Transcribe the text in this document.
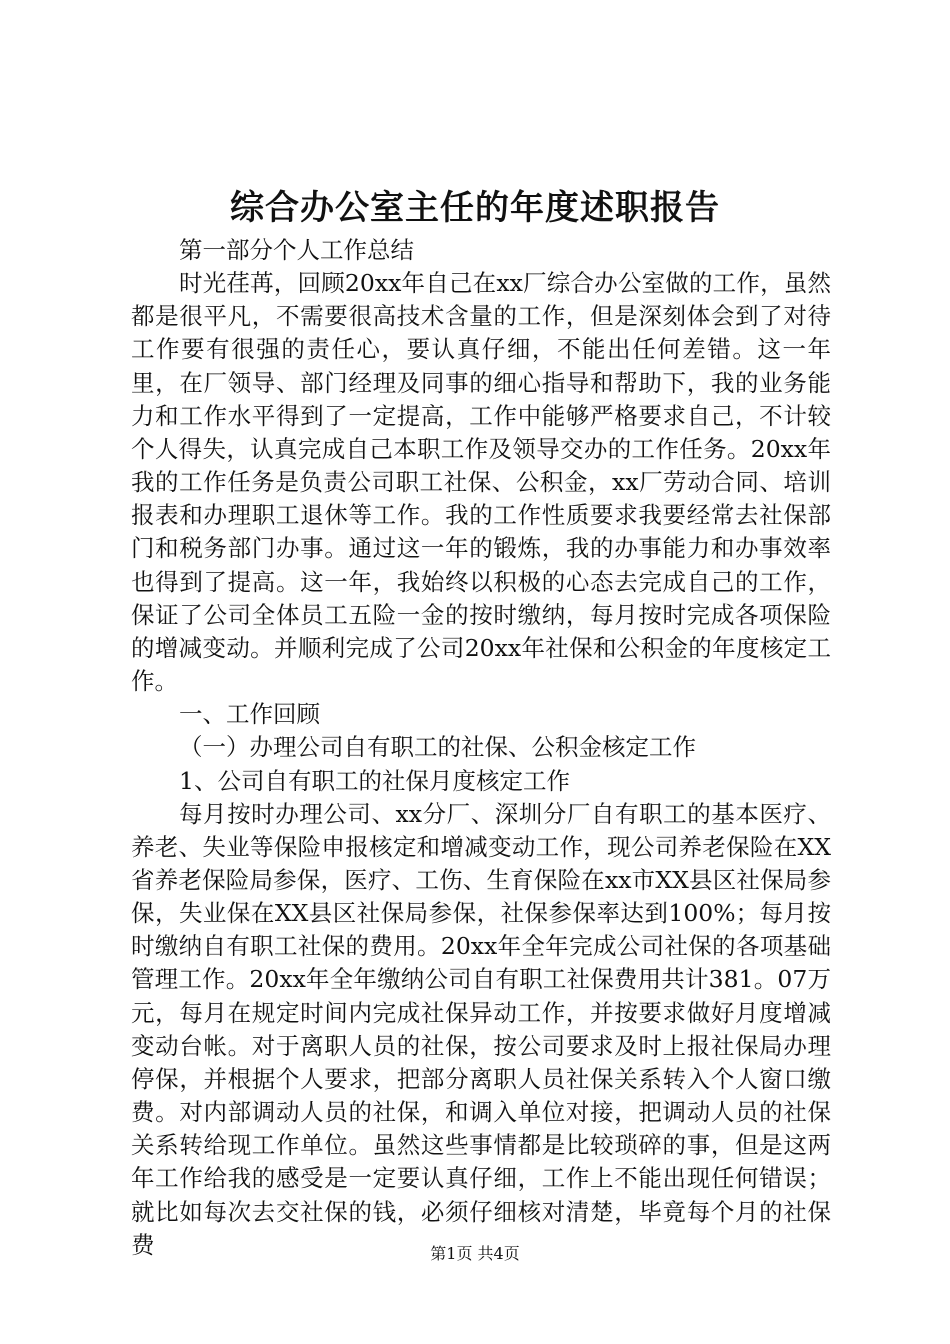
综合办公室主任的年度述职报告

第一部分个人工作总结

时光荏苒，回顾20xx年自己在xx厂综合办公室做的工作，虽然都是很平凡，不需要很高技术含量的工作，但是深刻体会到了对待工作要有很强的责任心，要认真仔细，不能出任何差错。这一年里，在厂领导、部门经理及同事的细心指导和帮助下，我的业务能力和工作水平得到了一定提高，工作中能够严格要求自己，不计较个人得失，认真完成自己本职工作及领导交办的工作任务。20xx年我的工作任务是负责公司职工社保、公积金，xx厂劳动合同、培训报表和办理职工退休等工作。我的工作性质要求我要经常去社保部门和税务部门办事。通过这一年的锻炼，我的办事能力和办事效率也得到了提高。这一年，我始终以积极的心态去完成自己的工作，保证了公司全体员工五险一金的按时缴纳，每月按时完成各项保险的增减变动。并顺利完成了公司20xx年社保和公积金的年度核定工作。

一、工作回顾

（一）办理公司自有职工的社保、公积金核定工作

1、公司自有职工的社保月度核定工作

每月按时办理公司、xx分厂、深圳分厂自有职工的基本医疗、养老、失业等保险申报核定和增减变动工作，现公司养老保险在XX省养老保险局参保，医疗、工伤、生育保险在xx市XX县区社保局参保，失业保在XX县区社保局参保，社保参保率达到100%；每月按时缴纳自有职工社保的费用。20xx年全年完成公司社保的各项基础管理工作。20xx年全年缴纳公司自有职工社保费用共计381。07万元，每月在规定时间内完成社保异动工作，并按要求做好月度增减变动台帐。对于离职人员的社保，按公司要求及时上报社保局办理停保，并根据个人要求，把部分离职人员社保关系转入个人窗口缴费。对内部调动人员的社保，和调入单位对接，把调动人员的社保关系转给现工作单位。虽然这些事情都是比较琐碎的事，但是这两年工作给我的感受是一定要认真仔细，工作上不能出现任何错误；就比如每次去交社保的钱，必须仔细核对清楚，毕竟每个月的社保费	第1页 共4页
